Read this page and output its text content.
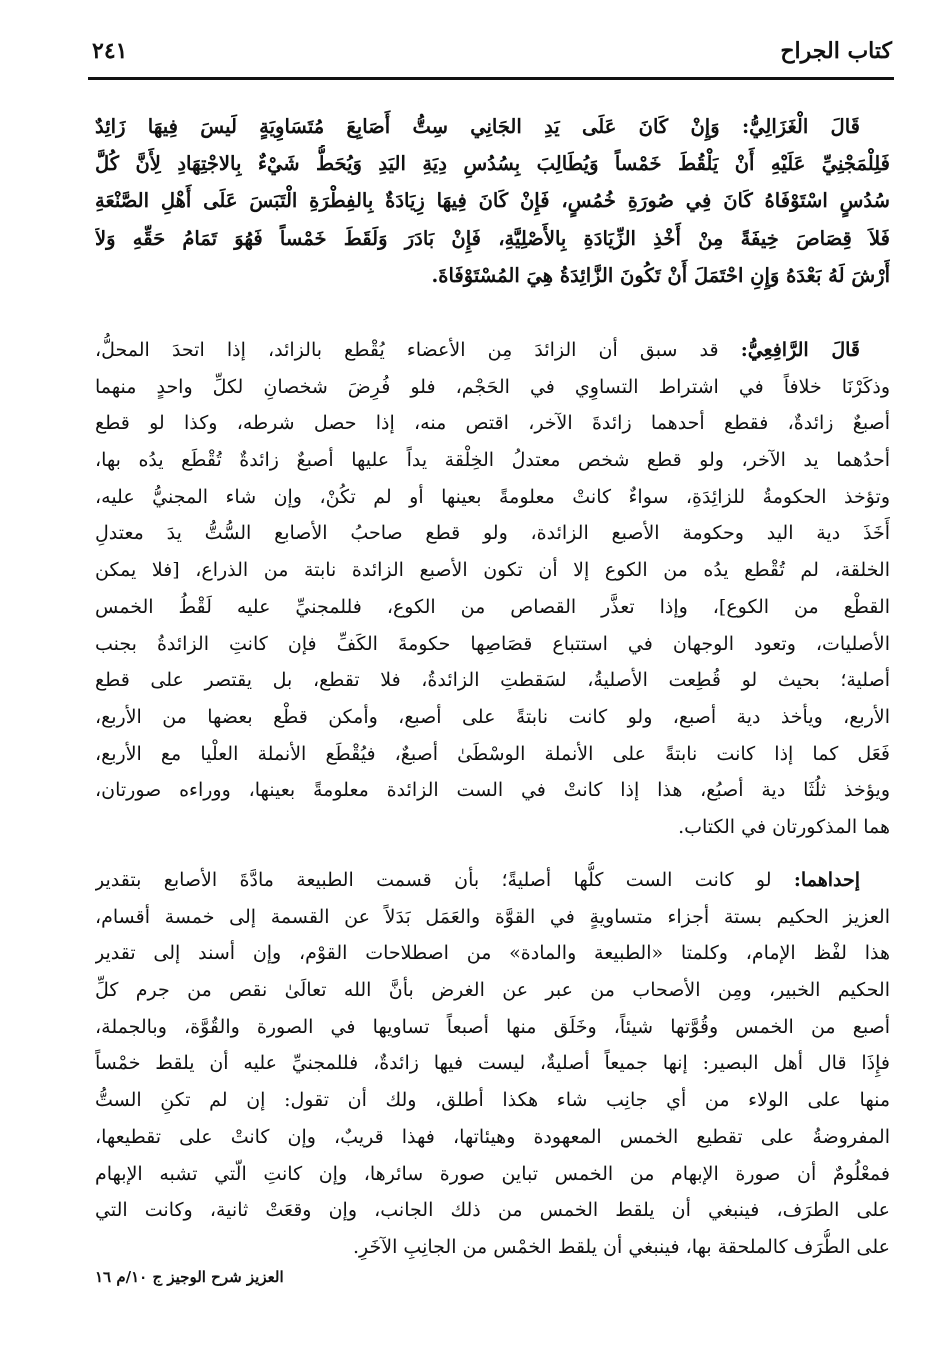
كتاب الجراح
٢٤١
قَالَ الْغَزَالِيُّ: وَإِنْ كَانَ عَلَى يَدِ الجَانِي سِتُّ أَصَابِعَ مُتَسَاوِيَةٍ لَيسَ فِيهَا زَائِدٌ
فَلِلْمَجْنِيِّ عَلَيْهِ أَنْ يَلْقُطَ خَمْساً وَيُطَالِبَ بِسُدُسِ دِيَةِ اليَدِ وَيُحَطُّ شَيْءٌ بِالاجْتِهَادِ لِأَنَّ كُلَّ
سُدُسٍ اسْتَوْفَاهُ كَانَ فِي صُورَةِ خُمُسٍ، فَإِنْ كَانَ فِيهَا زِيَادَةٌ بِالفِطْرَةِ الْتَبَسَ عَلَى أَهْلِ الصَّنْعَةِ
فَلاَ قِصَاصَ خِيفَةً مِنْ أَخْذِ الزِّيَادَةِ بِالأَصْلِيَّةِ، فَإِنْ بَادَرَ وَلَقَطَ خَمْساً فَهُوَ تَمَامُ حَقِّهِ وَلاَ
أَرْشَ لَهُ بَعْدَهُ وَإِنِ احْتَمَلَ أَنْ تَكُونَ الزَّائِدَةُ هِيَ المُسْتَوْفَاةَ.
قَالَ الرَّافِعِيُّ: قد سبق أن الزائدَ مِن الأعضاء يُقْطع بالزائد، إذا اتحدَ المحلُّ،
وذكَرْنَا خلافاً في اشتراط التساوِي في الحَجْم، فلو فُرِضَ شخصانِ لكلِّ واحدٍ منهما
أصبعٌ زائدةٌ، فقطع أحدهما زائدةَ الآخر، اقتص منه، إذا حصل شرطه، وكذا لو قطع
أحدُهما يد الآخر، ولو قطع شخص معتدلُ الخِلْقة يداً عليها أصبعٌ زائدةٌ تُقْطَع يدُه بها،
وتؤخذ الحكومةُ للزائِدَةِ، سواءٌ كانتْ معلومةً بعينها أو لم تكُنْ، وإن شاء المجنيُّ عليه،
أَخَذَ دية اليد وحكومة الأصبع الزائدة، ولو قطع صاحبُ الأصابع السُّتُّ يدَ معتدلِ
الخلقة، لم تُقْطع يدُه من الكوع إلا أن تكون الأصبع الزائدة نابتة من الذراع، [فلا يمكن
القطْع من الكوع]، وإذا تعذَّر القصاص من الكوع، فللمجنيِّ عليه لَقْطُ الخمس
الأصليات، وتعود الوجهان في استتباع قصَاصِها حكومةَ الكَفِّ فإن كانتِ الزائدةُ بجنب
أصلية؛ بحيث لو قُطِعت الأصليةُ، لسَقطتِ الزائدةُ، فلا تقطع، بل يقتصر على قطع
الأربع، ويأخذ دية أصبع، ولو كانت نابتةً على أصبع، وأمكن قطْع بعضها من الأربع،
فَعَل كما إذا كانت نابتةً على الأنملة الوسْطَىٰ أصبعٌ، فيُقْطَع الأنملة العلْيا مع الأربع،
ويؤخذ ثلُثَا دية أصبُع، هذا إذا كانتْ في الست الزائدة معلومةً بعينها، ووراءه صورتان،
هما المذكورتان في الكتاب.
إحداهما: لو كانت الست كلُّها أصليةً؛ بأن قسمت الطبيعة مادَّةَ الأصابع بتقدير
العزيز الحكيم بستة أجزاء متساويةٍ في القوَّة والعَمَل بَدَلاً عن القسمة إلى خمسة أقسام،
هذا لفْظ الإمام، وكلمتا «الطبيعة والمادة» من اصطلاحات القوْم، وإن أسند إلى تقدير
الحكيم الخبير، ومِن الأصحاب من عبر عن الغرض بأنَّ الله تعالَىٰ نقص من جرم كلِّ
أصبع من الخمس وقُوَّتها شيئاً، وخَلَق منها أصبعاً تساويها في الصورة والقُوَّة، وبالجملة،
فإِذَا قال أهل البصير: إنها جميعاً أصليةٌ، ليست فيها زائدةٌ، فللمجنيِّ عليه أن يلقط خمْساً
منها على الولاء من أي جانِب شاء هكذا أطلق، ولك أن تقول: إن لم تكنِ الستُّ
المفروضةُ على تقطيع الخمس المعهودة وهيئاتها، فهذا قريبٌ، وإن كانتْ على تقطيعها،
فمعْلُومٌ أن صورة الإبهام من الخمس تباين صورة سائرها، وإن كانتِ الّتي تشبه الإبهام
على الطرَف، فينبغي أن يلقط الخمس من ذلك الجانب، وإن وقعَتْ ثانية، وكانت التي
على الطُّرَف كالملحقة بها، فينبغي أن يلقط الخمْس من الجانِبِ الآخَرِ.
العزيز شرح الوجيز ج ١٠/م ١٦
